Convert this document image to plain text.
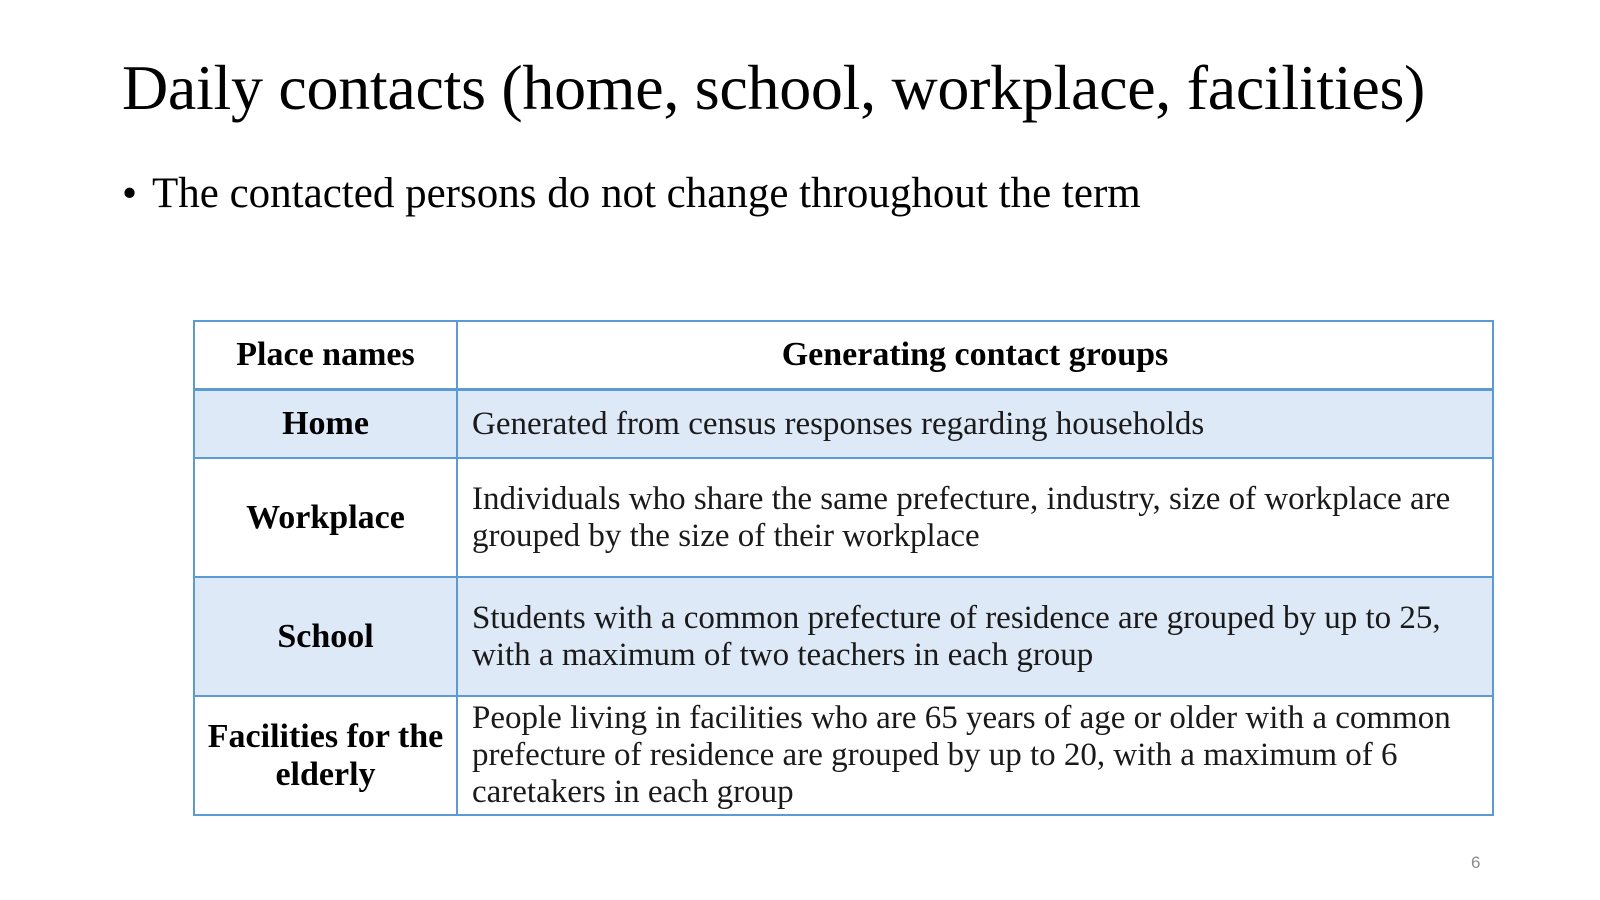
Daily contacts (home, school, workplace, facilities)
• The contacted persons do not change throughout the term
Place names	Generating contact groups
Home	Generated from census responses regarding households
Workplace	Individuals who share the same prefecture, industry, size of workplace are grouped by the size of their workplace
School	Students with a common prefecture of residence are grouped by up to 25, with a maximum of two teachers in each group
Facilities for the elderly	People living in facilities who are 65 years of age or older with a common prefecture of residence are grouped by up to 20, with a maximum of 6 caretakers in each group
6
